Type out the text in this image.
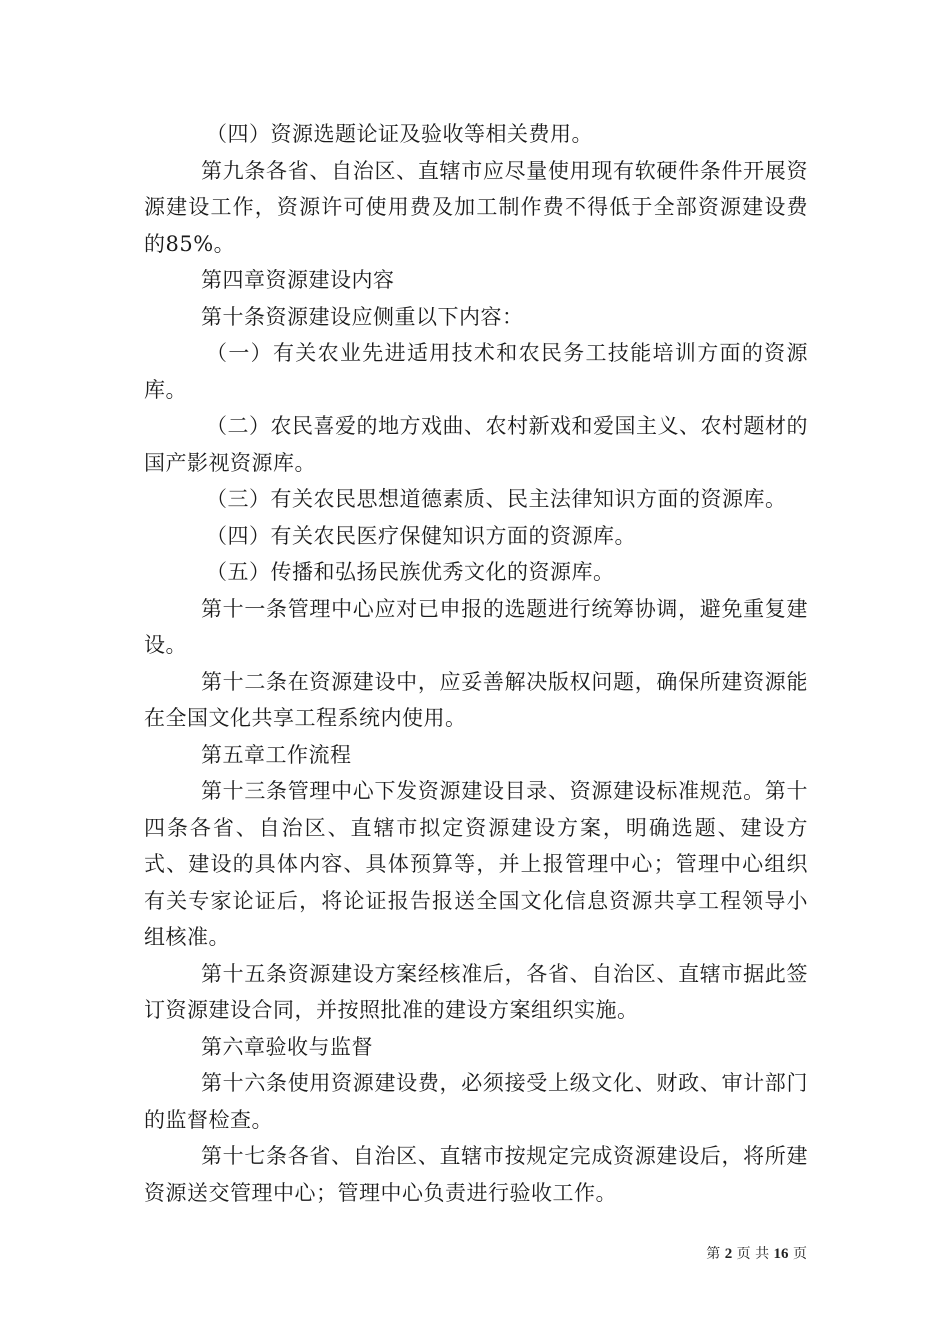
（四）资源选题论证及验收等相关费用。

第九条各省、自治区、直辖市应尽量使用现有软硬件条件开展资源建设工作，资源许可使用费及加工制作费不得低于全部资源建设费的85%。

第四章资源建设内容

第十条资源建设应侧重以下内容：

（一）有关农业先进适用技术和农民务工技能培训方面的资源库。

（二）农民喜爱的地方戏曲、农村新戏和爱国主义、农村题材的国产影视资源库。

（三）有关农民思想道德素质、民主法律知识方面的资源库。

（四）有关农民医疗保健知识方面的资源库。

（五）传播和弘扬民族优秀文化的资源库。

第十一条管理中心应对已申报的选题进行统筹协调，避免重复建设。

第十二条在资源建设中，应妥善解决版权问题，确保所建资源能在全国文化共享工程系统内使用。

第五章工作流程

第十三条管理中心下发资源建设目录、资源建设标准规范。第十四条各省、自治区、直辖市拟定资源建设方案，明确选题、建设方式、建设的具体内容、具体预算等，并上报管理中心；管理中心组织有关专家论证后，将论证报告报送全国文化信息资源共享工程领导小组核准。

第十五条资源建设方案经核准后，各省、自治区、直辖市据此签订资源建设合同，并按照批准的建设方案组织实施。

第六章验收与监督

第十六条使用资源建设费，必须接受上级文化、财政、审计部门的监督检查。

第十七条各省、自治区、直辖市按规定完成资源建设后，将所建资源送交管理中心；管理中心负责进行验收工作。

第 2 页 共 16 页
